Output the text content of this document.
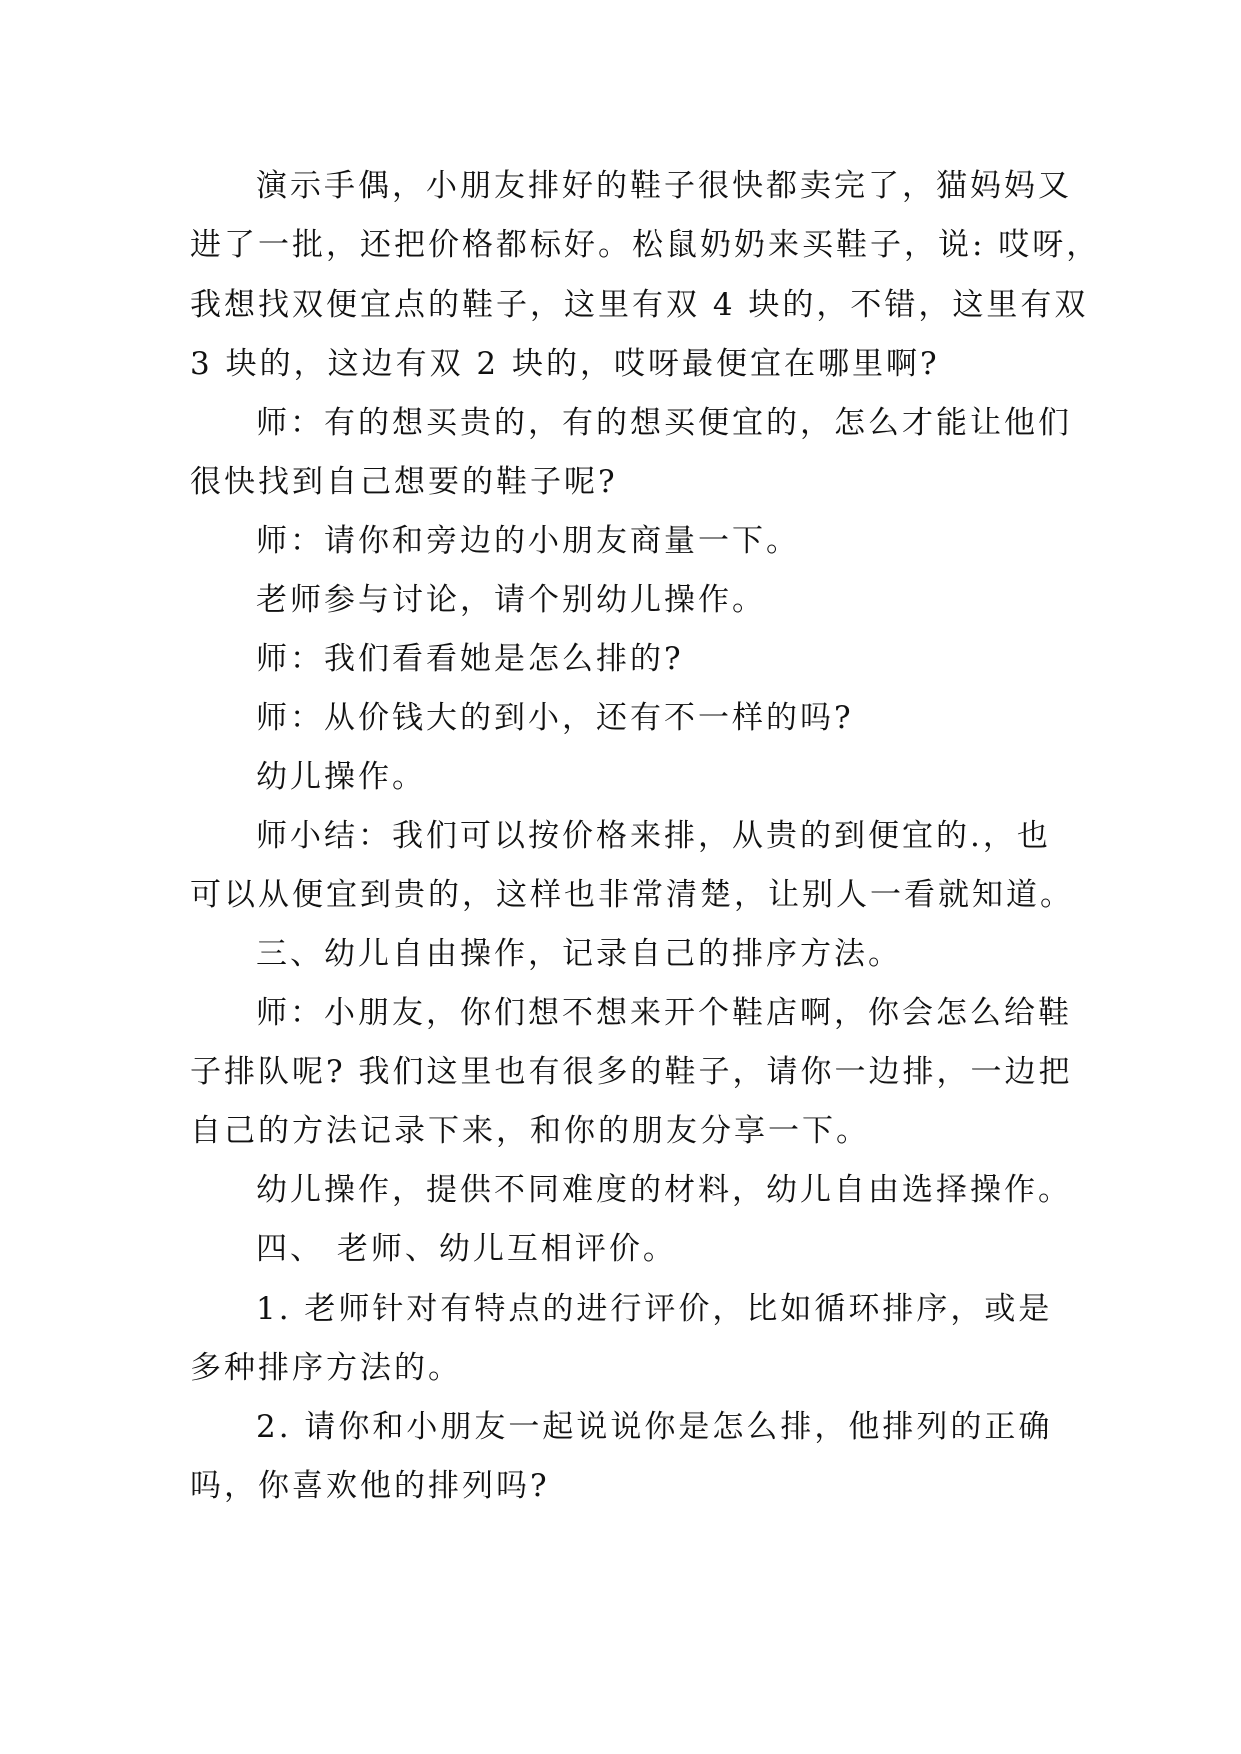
演示手偶，小朋友排好的鞋子很快都卖完了，猫妈妈又
进了一批，还把价格都标好。松鼠奶奶来买鞋子，说: 哎呀，
我想找双便宜点的鞋子，这里有双 4 块的，不错，这里有双
3 块的，这边有双 2 块的，哎呀最便宜在哪里啊?
师：有的想买贵的，有的想买便宜的，怎么才能让他们
很快找到自己想要的鞋子呢?
师：请你和旁边的小朋友商量一下。
老师参与讨论，请个别幼儿操作。
师：我们看看她是怎么排的?
师：从价钱大的到小，还有不一样的吗?
幼儿操作。
师小结：我们可以按价格来排，从贵的到便宜的.，也
可以从便宜到贵的，这样也非常清楚，让别人一看就知道。
三、幼儿自由操作，记录自己的排序方法。
师：小朋友，你们想不想来开个鞋店啊，你会怎么给鞋
子排队呢? 我们这里也有很多的鞋子，请你一边排，一边把
自己的方法记录下来，和你的朋友分享一下。
幼儿操作，提供不同难度的材料，幼儿自由选择操作。
四、 老师、幼儿互相评价。
1. 老师针对有特点的进行评价，比如循环排序，或是
多种排序方法的。
2. 请你和小朋友一起说说你是怎么排，他排列的正确
吗，你喜欢他的排列吗?
